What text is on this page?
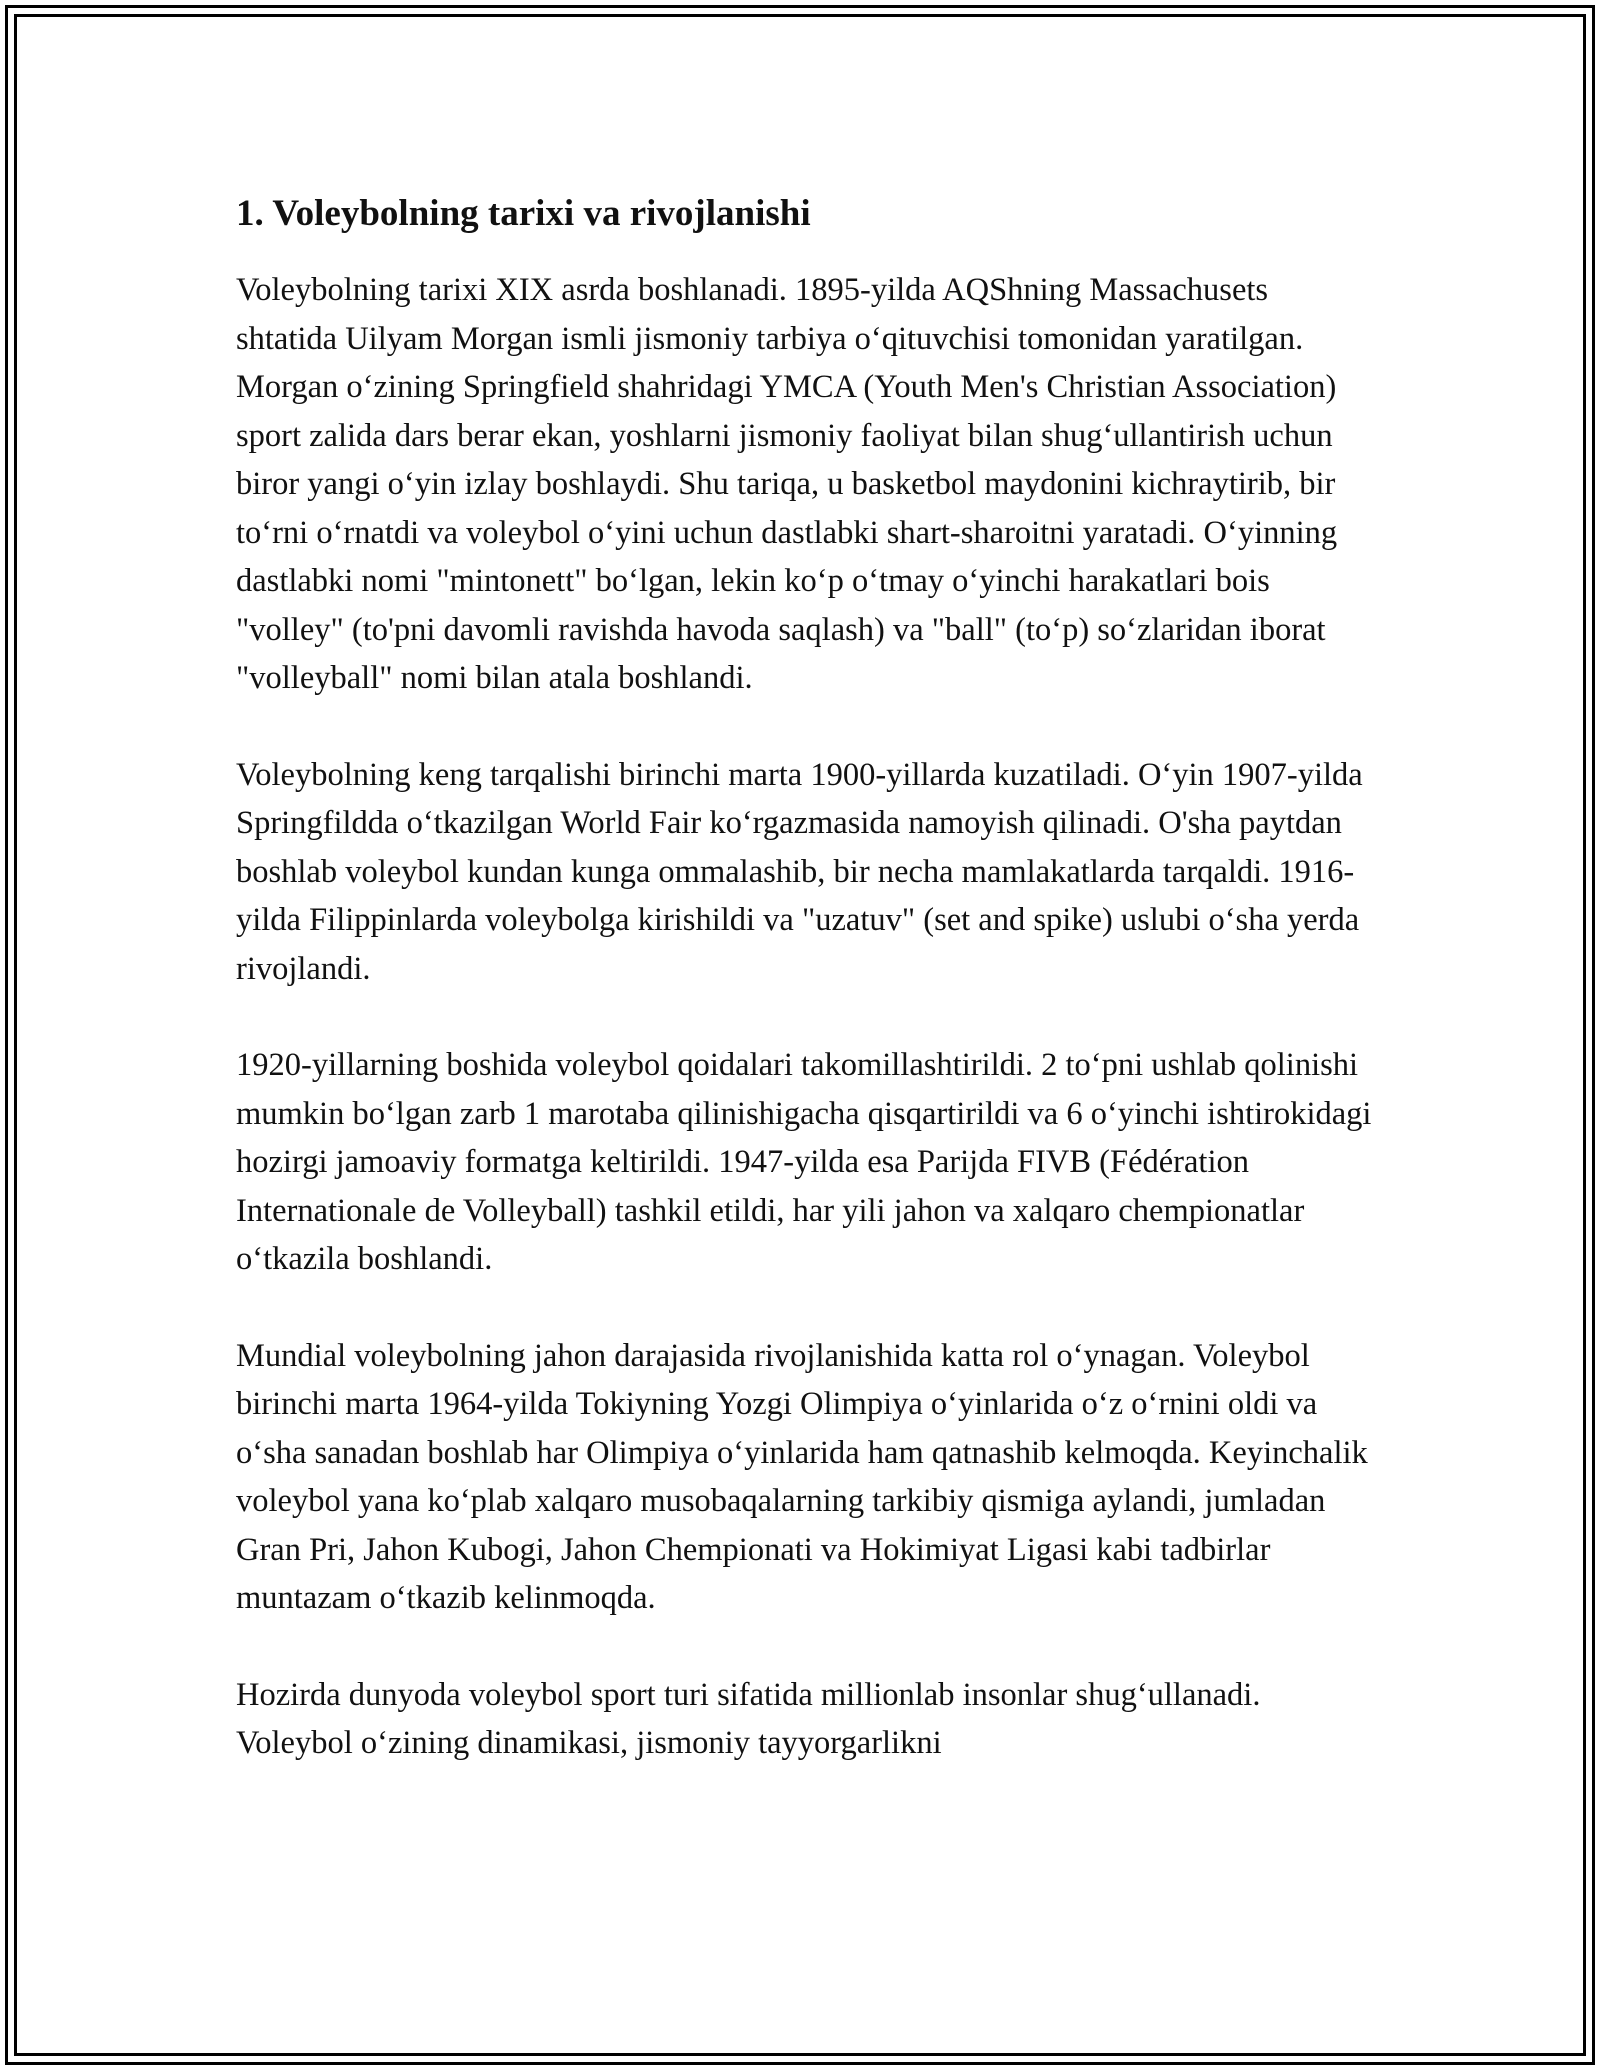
1. Voleybolning tarixi va rivojlanishi

Voleybolning tarixi XIX asrda boshlanadi. 1895-yilda AQShning Massachusets shtatida Uilyam Morgan ismli jismoniy tarbiya o‘qituvchisi tomonidan yaratilgan. Morgan o‘zining Springfield shahridagi YMCA (Youth Men's Christian Association) sport zalida dars berar ekan, yoshlarni jismoniy faoliyat bilan shug‘ullantirish uchun biror yangi o‘yin izlay boshlaydi. Shu tariqa, u basketbol maydonini kichraytirib, bir to‘rni o‘rnatdi va voleybol o‘yini uchun dastlabki shart-sharoitni yaratadi. O‘yinning dastlabki nomi "mintonett" bo‘lgan, lekin ko‘p o‘tmay o‘yinchi harakatlari bois "volley" (to'pni davomli ravishda havoda saqlash) va "ball" (to‘p) so‘zlaridan iborat "volleyball" nomi bilan atala boshlandi.

Voleybolning keng tarqalishi birinchi marta 1900-yillarda kuzatiladi. O‘yin 1907-yilda Springfildda o‘tkazilgan World Fair ko‘rgazmasida namoyish qilinadi. O'sha paytdan boshlab voleybol kundan kunga ommalashib, bir necha mamlakatlarda tarqaldi. 1916-yilda Filippinlarda voleybolga kirishildi va "uzatuv" (set and spike) uslubi o‘sha yerda rivojlandi.

1920-yillarning boshida voleybol qoidalari takomillashtirildi. 2 to‘pni ushlab qolinishi mumkin bo‘lgan zarb 1 marotaba qilinishigacha qisqartirildi va 6 o‘yinchi ishtirokidagi hozirgi jamoaviy formatga keltirildi. 1947-yilda esa Parijda FIVB (Fédération Internationale de Volleyball) tashkil etildi, har yili jahon va xalqaro chempionatlar o‘tkazila boshlandi.

Mundial voleybolning jahon darajasida rivojlanishida katta rol o‘ynagan. Voleybol birinchi marta 1964-yilda Tokiyning Yozgi Olimpiya o‘yinlarida o‘z o‘rnini oldi va o‘sha sanadan boshlab har Olimpiya o‘yinlarida ham qatnashib kelmoqda. Keyinchalik voleybol yana ko‘plab xalqaro musobaqalarning tarkibiy qismiga aylandi, jumladan Gran Pri, Jahon Kubogi, Jahon Chempionati va Hokimiyat Ligasi kabi tadbirlar muntazam o‘tkazib kelinmoqda.

Hozirda dunyoda voleybol sport turi sifatida millionlab insonlar shug‘ullanadi. Voleybol o‘zining dinamikasi, jismoniy tayyorgarlikni
